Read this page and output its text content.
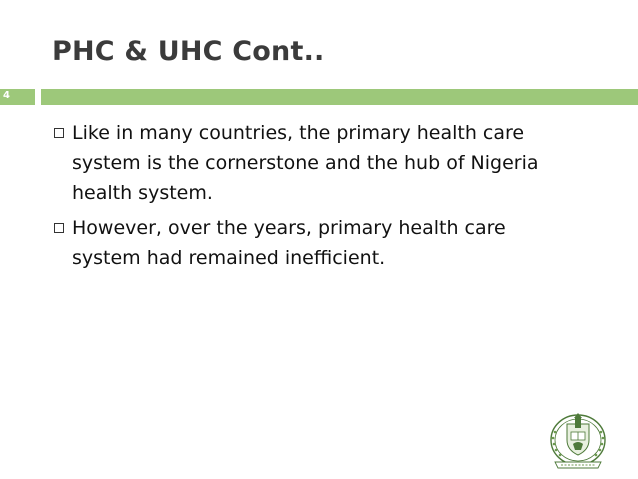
PHC & UHC Cont..
4
Like in many countries, the primary health care system is the cornerstone and the hub of Nigeria health system.
However, over the years, primary health care system had remained inefficient.
